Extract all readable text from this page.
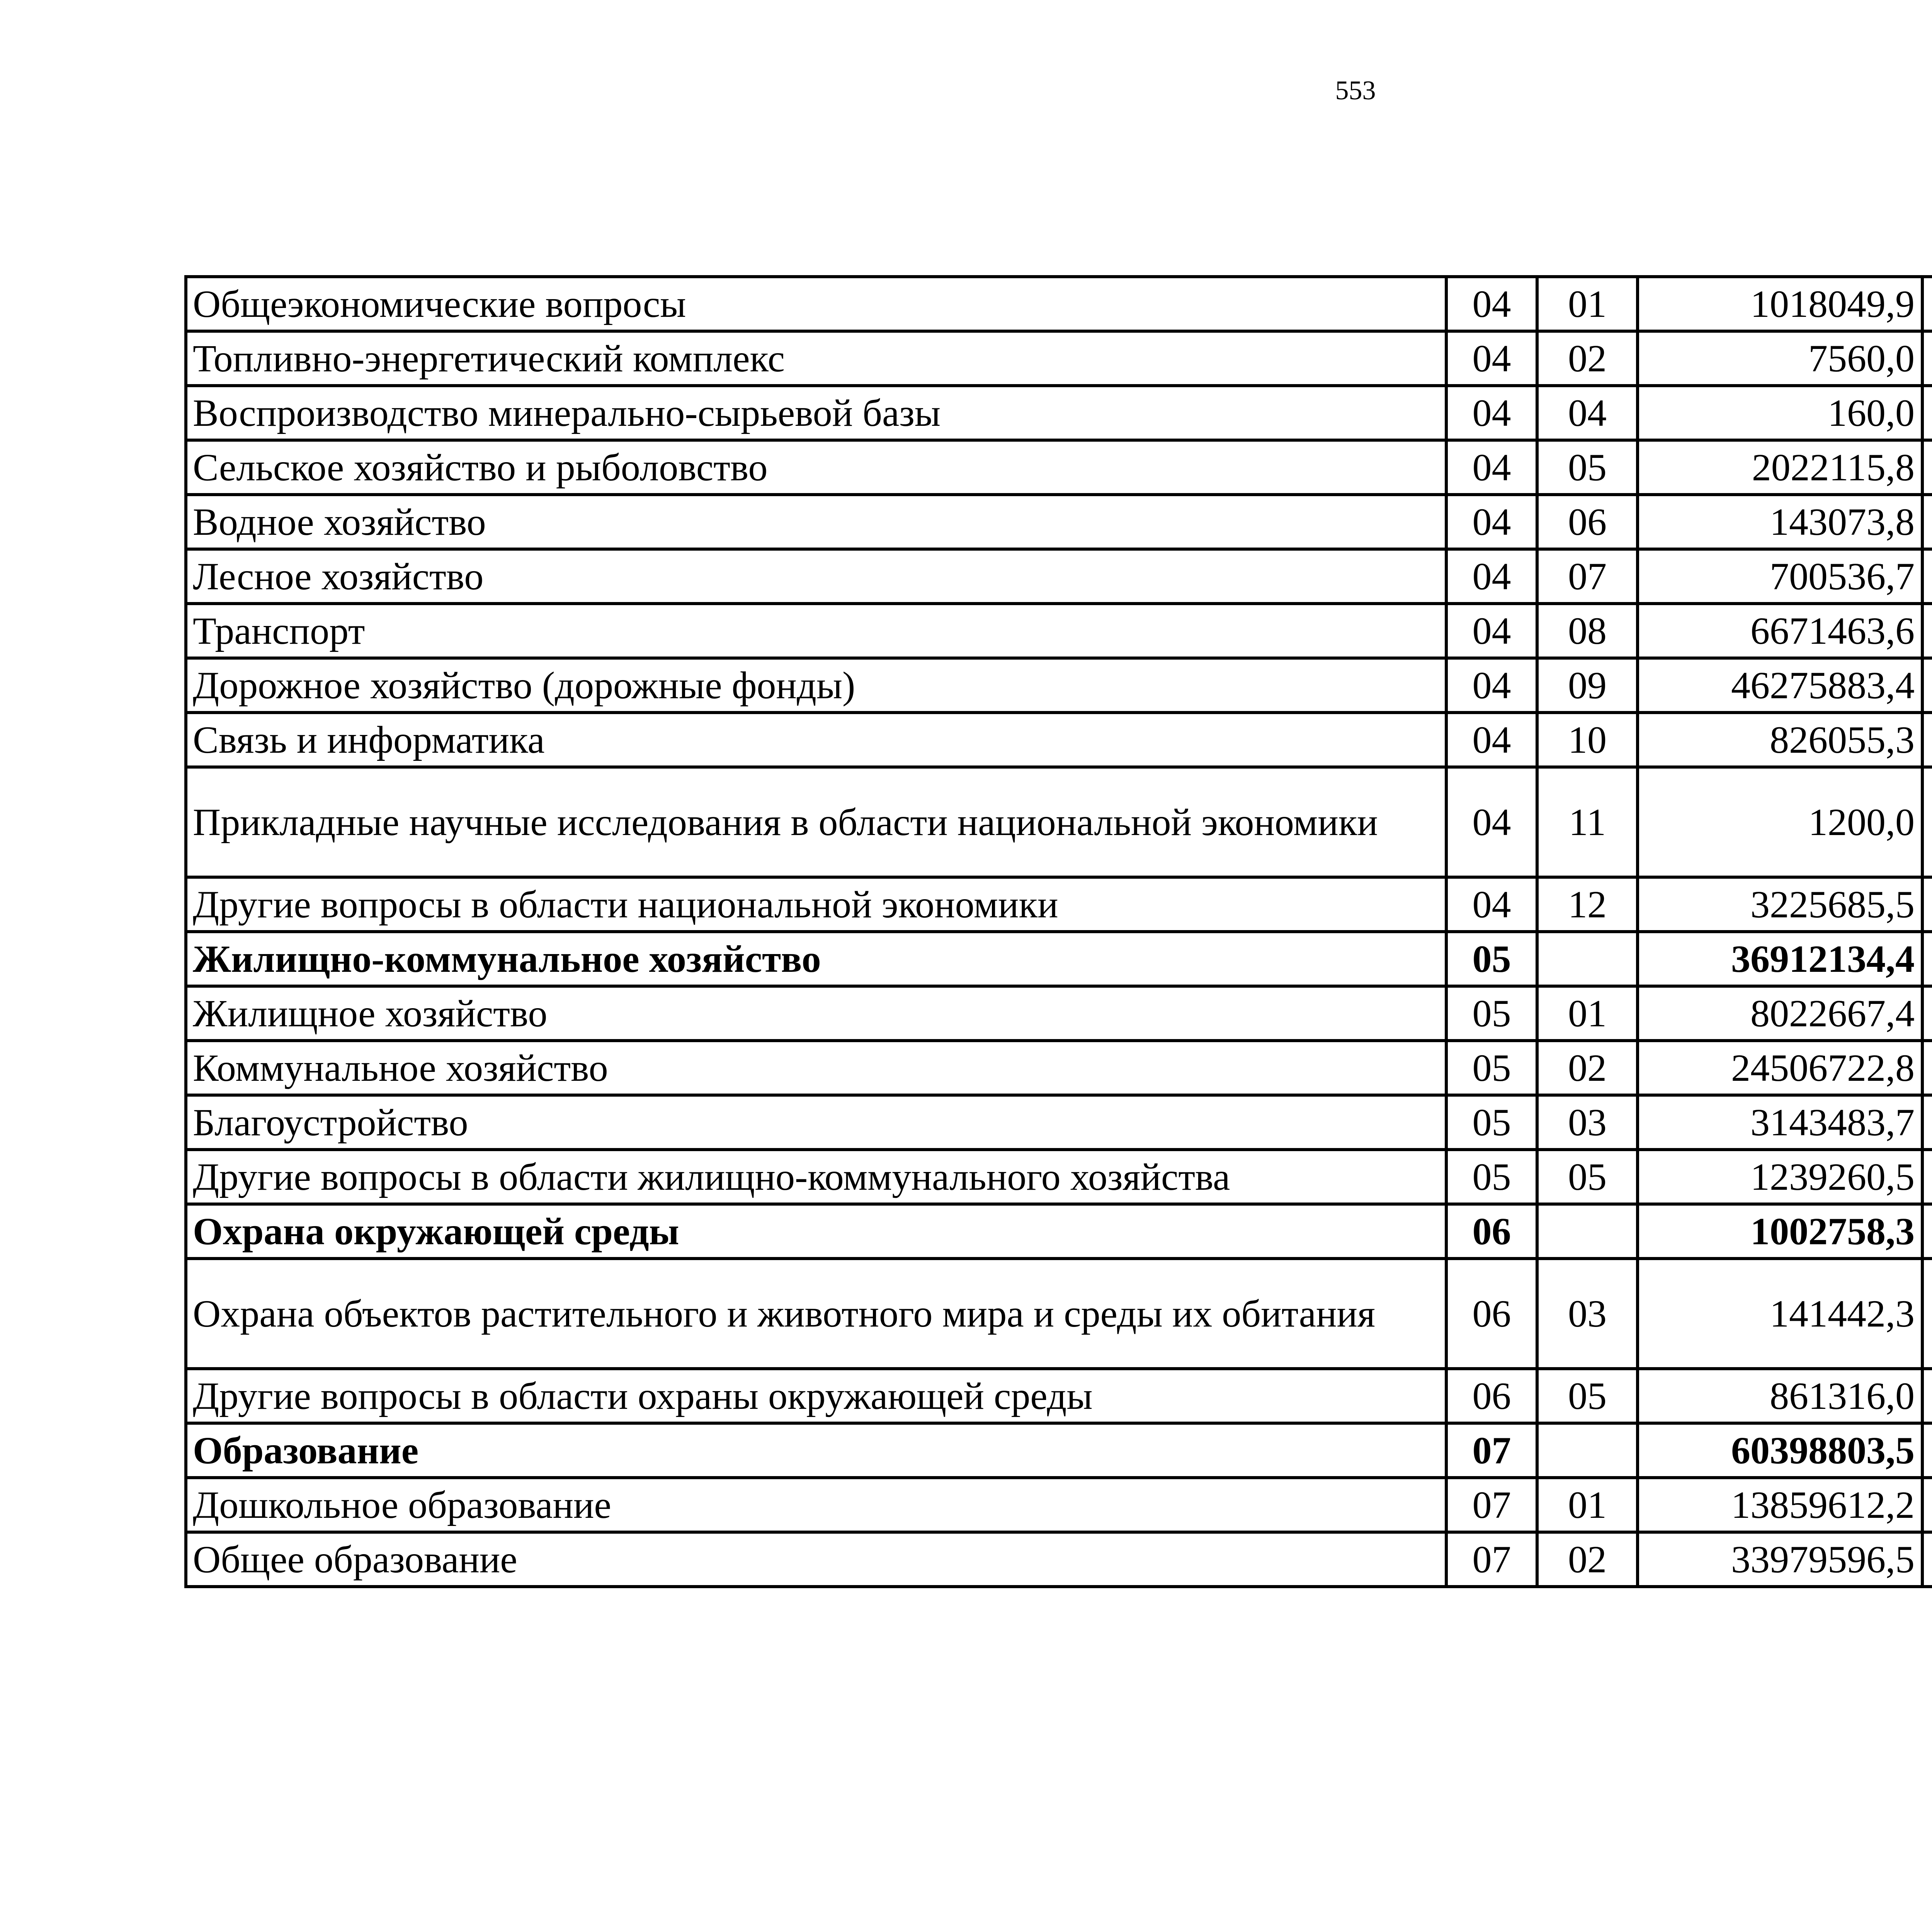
553
Общеэкономические вопросы	04	01	1018049,9		
Топливно-энергетический комплекс	04	02	7560,0		
Воспроизводство минерально-сырьевой базы	04	04	160,0		
Сельское хозяйство и рыболовство	04	05	2022115,8		
Водное хозяйство	04	06	143073,8		
Лесное хозяйство	04	07	700536,7		
Транспорт	04	08	6671463,6		
Дорожное хозяйство (дорожные фонды)	04	09	46275883,4		
Связь и информатика	04	10	826055,3		
Прикладные научные исследования в области национальной экономики	04	11	1200,0		
Другие вопросы в области национальной экономики	04	12	3225685,5		
Жилищно-коммунальное хозяйство	05		36912134,4		
Жилищное хозяйство	05	01	8022667,4		
Коммунальное хозяйство	05	02	24506722,8		
Благоустройство	05	03	3143483,7		
Другие вопросы в области жилищно-коммунального хозяйства	05	05	1239260,5		
Охрана окружающей среды	06		1002758,3		
Охрана объектов растительного и животного мира и среды их обитания	06	03	141442,3		
Другие вопросы в области охраны окружающей среды	06	05	861316,0		
Образование	07		60398803,5		
Дошкольное образование	07	01	13859612,2		
Общее образование	07	02	33979596,5		
